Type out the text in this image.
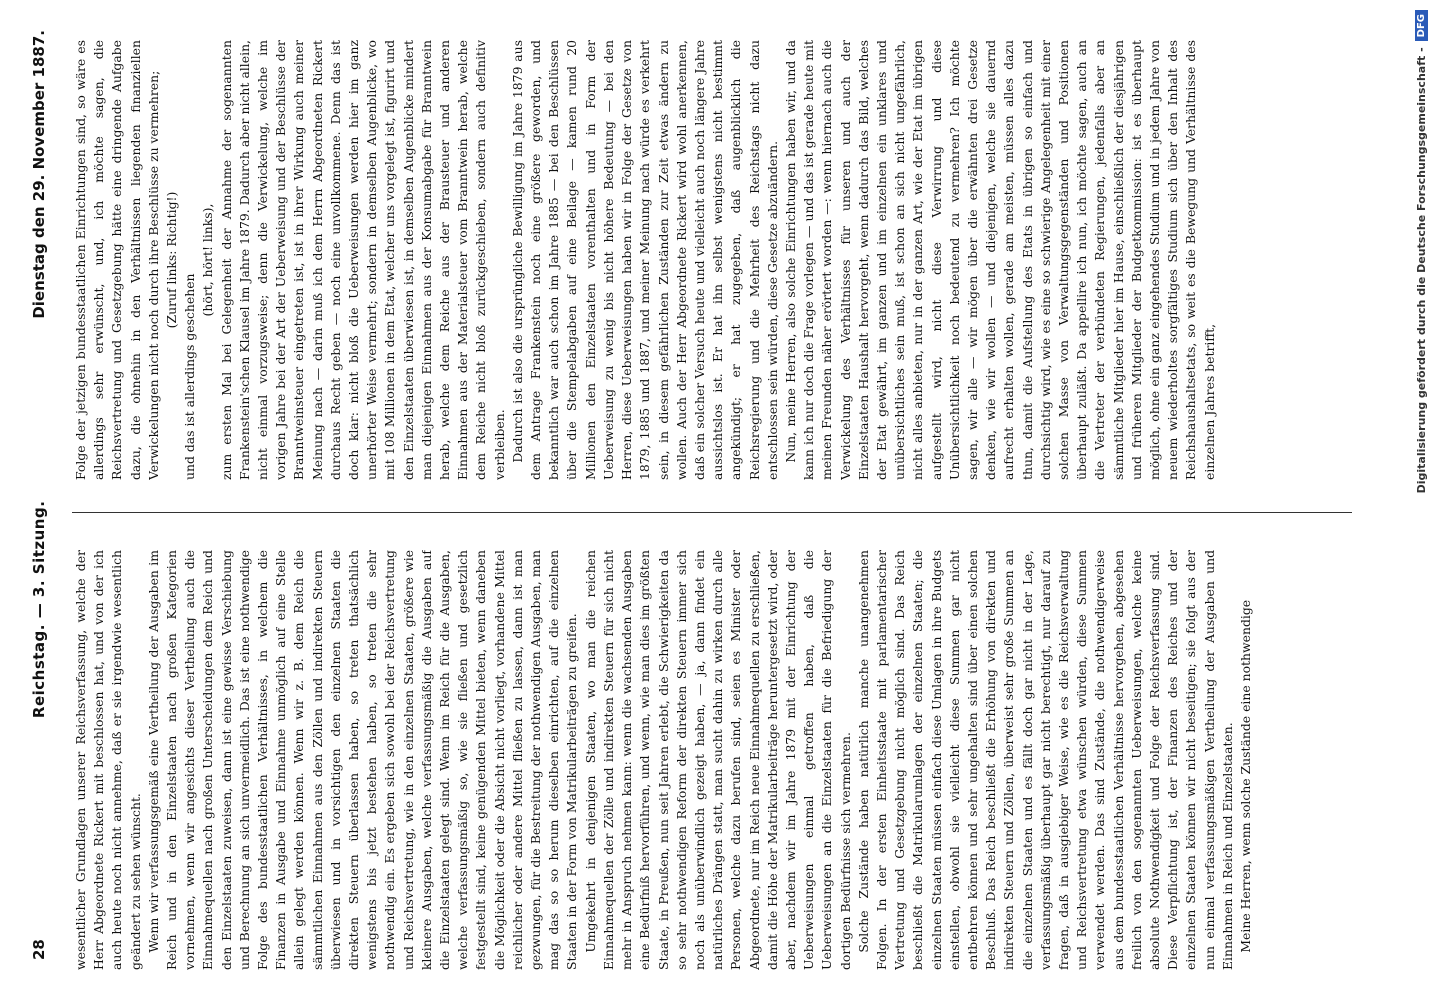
28
Reichstag. — 3. Sitzung.
Dienstag den 29. November 1887.

wesentlicher Grundlagen unserer Reichsverfassung, welche der Herr Abgeordnete Rickert mit beschlossen hat, und von der ich auch heute noch nicht annehme, daß er sie irgendwie wesentlich geändert zu sehen wünscht. Wenn wir verfassungsgemäß eine Vertheilung der Ausgaben im Reich und in den Einzelstaaten nach großen Kategorien vornehmen, wenn wir angesichts dieser Vertheilung auch die Einnahmequellen nach großen Unterscheidungen dem Reich und den Einzelstaaten zuweisen, dann ist eine gewisse Verschiebung und Berechnung an sich unvermeidlich. Das ist eine nothwendige Folge des bundesstaatlichen Verhältnisses, in welchem die Finanzen in Ausgabe und Einnahme unmöglich auf eine Stelle allein gelegt werden können. Wenn wir z. B. dem Reich die sämmtlichen Einnahmen aus den Zöllen und indirekten Steuern überwiesen und in vorsichtigen den einzelnen Staaten die direkten Steuern überlassen haben, so treten thatsächlich wenigstens bis jetzt bestehen haben, so treten die sehr nothwendig ein. Es ergeben sich sowohl bei der Reichsvertretung und Reichsvertretung, wie in den einzelnen Staaten, größere wie kleinere Ausgaben, welche verfassungsmäßig die Ausgaben auf die Einzelstaaten gelegt sind. Wenn im Reich für die Ausgaben, welche verfassungsmäßig so, wie sie fließen und gesetzlich festgestellt sind, keine genügenden Mittel bieten, wenn daneben die Möglichkeit oder die Absicht nicht vorliegt, vorhandene Mittel reichlicher oder andere Mittel fließen zu lassen, dann ist man gezwungen, für die Bestreitung der nothwendigen Ausgaben, man mag das so so herum dieselben einrichten, auf die einzelnen Staaten in der Form von Matrikularbeiträgen zu greifen. Umgekehrt in denjenigen Staaten, wo man die reichen Einnahmequellen der Zölle und indirekten Steuern für sich nicht mehr in Anspruch nehmen kann: wenn die wachsenden Ausgaben eine Bedürfniß hervorführen, und wenn, wie man dies im größten Staate, in Preußen, nun seit Jahren erlebt, die Schwierigkeiten da so sehr nothwendigen Reform der direkten Steuern immer sich noch als unüberwindlich gezeigt haben, — ja, dann findet ein natürliches Drängen statt, man sucht dahin zu wirken durch alle Personen, welche dazu berufen sind, seien es Minister oder Abgeordnete, nur im Reich neue Einnahmequellen zu erschließen, damit die Höhe der Matrikularbeiträge heruntergesetzt wird, oder aber, nachdem wir im Jahre 1879 mit der Einrichtung der Ueberweisungen einmal getroffen haben, daß die Ueberweisungen an die Einzelstaaten für die Befriedigung der dortigen Bedürfnisse sich vermehren. Solche Zustände haben natürlich manche unangenehmen Folgen. In der ersten Einheitsstaate mit parlamentarischer Vertretung und Gesetzgebung nicht möglich sind. Das Reich beschließt die Matrikularumlagen der einzelnen Staaten; die einzelnen Staaten müssen einfach diese Umlagen in ihre Budgets einstellen, obwohl sie vielleicht diese Summen gar nicht entbehren können und sehr ungehalten sind über einen solchen Beschluß. Das Reich beschließt die Erhöhung von direkten und indirekten Steuern und Zöllen, überweist sehr große Summen an die einzelnen Staaten und es fällt doch gar nicht in der Lage, verfassungsmäßig überhaupt gar nicht berechtigt, nur darauf zu fragen, daß in ausgiebiger Weise, wie es die Reichsverwaltung und Reichsvertretung etwa wünschen würden, diese Summen verwendet werden. Das sind Zustände, die nothwendigerweise aus dem bundesstaatlichen Verhältnisse hervorgehen, abgesehen freilich von den sogenannten Ueberweisungen, welche keine absolute Nothwendigkeit und Folge der Reichsverfassung sind. Diese Verpflichtung ist, der Finanzen des Reiches und der einzelnen Staaten können wir nicht beseitigen; sie folgt aus der nun einmal verfassungsmäßigen Vertheilung der Ausgaben und Einnahmen in Reich und Einzelstaaten. Meine Herren, wenn solche Zustände eine nothwendige

Folge der jetzigen bundesstaatlichen Einrichtungen sind, so wäre es allerdings sehr erwünscht, und, ich möchte sagen, die Reichsvertretung und Gesetzgebung hätte eine dringende Aufgabe dazu, die ohnehin in den Verhältnissen liegenden finanziellen Verwickelungen nicht noch durch ihre Beschlüsse zu vermehren; (Zuruf links: Richtig!)

und das ist allerdings geschehen

(hört, hört! links), zum ersten Mal bei Gelegenheit der Annahme der sogenannten Frankenstein'schen Klausel im Jahre 1879. Dadurch aber nicht allein, nicht einmal vorzugsweise; denn die Verwickelung, welche im vorigen Jahre bei der Art der Ueberweisung und der Beschlüsse der Branntweinsteuer eingetreten ist, ist in ihrer Wirkung auch meiner Meinung nach — darin muß ich dem Herrn Abgeordneten Rickert durchaus Recht geben — noch eine unvollkommene. Denn das ist doch klar: nicht bloß die Ueberweisungen werden hier im ganz unerhörter Weise vermehrt; sondern in demselben Augenblicke, wo mit 108 Millionen in dem Etat, welcher uns vorgelegt ist, figurirt und den Einzelstaaten überwiesen ist, in demselben Augenblicke mindert man diejenigen Einnahmen aus der Konsumabgabe für Branntwein herab, welche dem Reiche aus der Brausteuer und anderen Einnahmen aus der Materialsteuer vom Branntwein herab, welche dem Reiche nicht bloß zurückgeschieben, sondern auch definitiv verbleiben. Dadurch ist also die ursprüngliche Bewilligung im Jahre 1879 aus dem Antrage Frankenstein noch eine größere geworden, und bekanntlich war auch schon im Jahre 1885 — bei den Beschlüssen über die Stempelabgaben auf eine Beilage — kamen rund 20 Millionen den Einzelstaaten vorenthalten und in Form der Ueberweisung zu wenig bis nicht höhere Bedeutung — bei den Herren, diese Ueberweisungen haben wir in Folge der Gesetze von 1879, 1885 und 1887, und meiner Meinung nach würde es verkehrt sein, in diesem gefährlichen Zuständen zur Zeit etwas ändern zu wollen. Auch der Herr Abgeordnete Rickert wird wohl anerkennen, daß ein solcher Versuch heute und vielleicht auch noch längere Jahre aussichtslos ist. Er hat ihn selbst wenigstens nicht bestimmt angekündigt; er hat zugegeben, daß augenblicklich die Reichsregierung und die Mehrheit des Reichstags nicht dazu entschlossen sein würden, diese Gesetze abzuändern. Nun, meine Herren, also solche Einrichtungen haben wir, und da kann ich nur doch die Frage vorlegen — und das ist gerade heute mit meinen Freunden näher erörtert worden —: wenn hiernach auch die Verwickelung des Verhältnisses für unseren und auch der Einzelstaaten Haushalt hervorgeht, wenn dadurch das Bild, welches der Etat gewährt, im ganzen und im einzelnen ein unklares und unübersichtliches sein muß, ist schon an sich nicht ungefährlich, nicht alles anbieten, nur in der ganzen Art, wie der Etat im übrigen aufgestellt wird, nicht diese Verwirrung und diese Unübersichtlichkeit noch bedeutend zu vermehren? Ich möchte sagen, wir alle — wir mögen über die erwähnten drei Gesetze denken, wie wir wollen — und diejenigen, welche sie dauernd aufrecht erhalten wollen, gerade am meisten, müssen alles dazu thun, damit die Aufstellung des Etats in übrigen so einfach und durchsichtig wird, wie es eine so schwierige Angelegenheit mit einer solchen Masse von Verwaltungsgegenständen und Positionen überhaupt zuläßt. Da appellire ich nun, ich möchte sagen, auch an die Vertreter der verbündeten Regierungen, jedenfalls aber an sämmtliche Mitglieder hier im Hause, einschließlich der diesjährigen und früheren Mitglieder der Budgetkommission: ist es überhaupt möglich, ohne ein ganz eingehendes Studium und in jedem Jahre von neuem wiederholtes sorgfältiges Studium sich über den Inhalt des Reichshaushaltsetats, so weit es die Bewegung und Verhältnisse des einzelnen Jahres betrifft,	Digitalisierung gefördert durch die Deutsche Forschungsgemeinschaft -
DFG
